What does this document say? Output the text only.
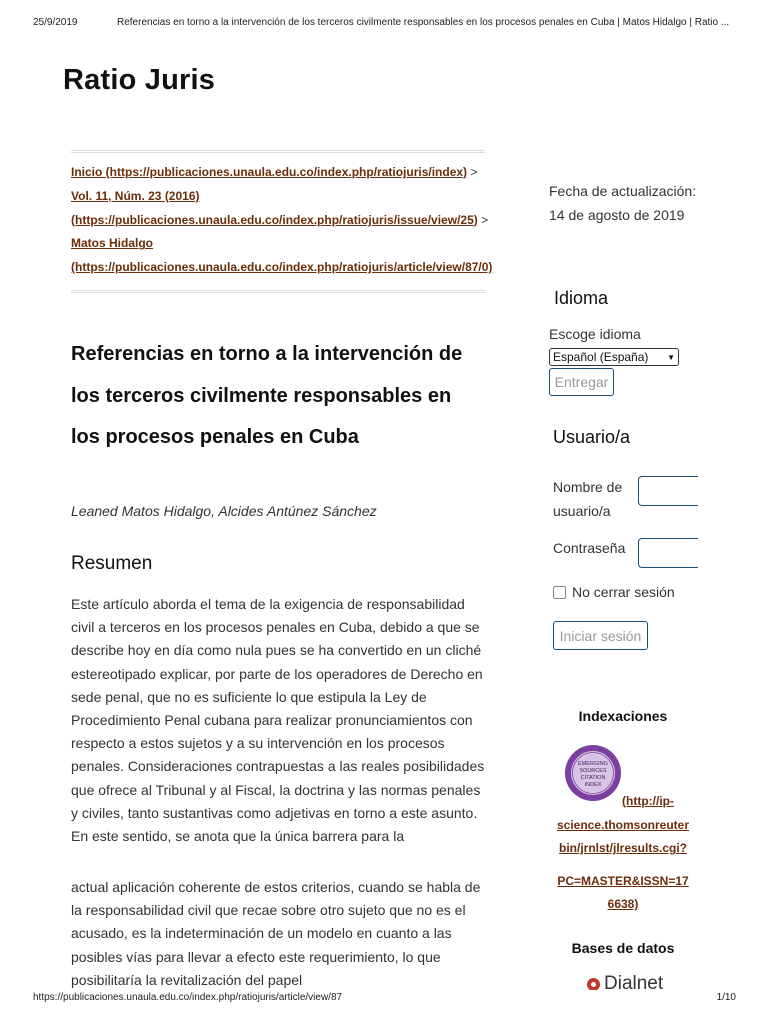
25/9/2019	Referencias en torno a la intervención de los terceros civilmente responsables en los procesos penales en Cuba | Matos Hidalgo | Ratio ...
Ratio Juris
Inicio (https://publicaciones.unaula.edu.co/index.php/ratiojuris/index) >
Vol. 11, Núm. 23 (2016)
(https://publicaciones.unaula.edu.co/index.php/ratiojuris/issue/view/25) >
Matos Hidalgo
(https://publicaciones.unaula.edu.co/index.php/ratiojuris/article/view/87/0)
Referencias en torno a la intervención de los terceros civilmente responsables en los procesos penales en Cuba
Leaned Matos Hidalgo, Alcides Antúnez Sánchez
Resumen

Este artículo aborda el tema de la exigencia de responsabilidad civil a terceros en los procesos penales en Cuba, debido a que se describe hoy en día como nula pues se ha convertido en un cliché estereotipado explicar, por parte de los operadores de Derecho en sede penal, que no es suficiente lo que estipula la Ley de Procedimiento Penal cubana para realizar pronunciamientos con respecto a estos sujetos y a su intervención en los procesos penales. Consideraciones contrapuestas a las reales posibilidades que ofrece al Tribunal y al Fiscal, la doctrina y las normas penales y civiles, tanto sustantivas como adjetivas en torno a este asunto. En este sentido, se anota que la única barrera para la

actual aplicación coherente de estos criterios, cuando se habla de la responsabilidad civil que recae sobre otro sujeto que no es el acusado, es la indeterminación de un modelo en cuanto a las posibles vías para llevar a efecto este requerimiento, lo que posibilitaría la revitalización del papel

Fecha de actualización: 14 de agosto de 2019
Idioma
Escoge idioma
Español (España) ▼
Entregar
Usuario/a
Nombre de usuario/a
Contraseña
No cerrar sesión
Iniciar sesión
Indexaciones
EMERGING
SOURCES
CITATION
INDEX
(http://ip-
science.thomsonreuter
bin/jrnlst/jlresults.cgi?
PC=MASTER&ISSN=17
6638)
Bases de datos
Dialnet
https://publicaciones.unaula.edu.co/index.php/ratiojuris/article/view/87	1/10
